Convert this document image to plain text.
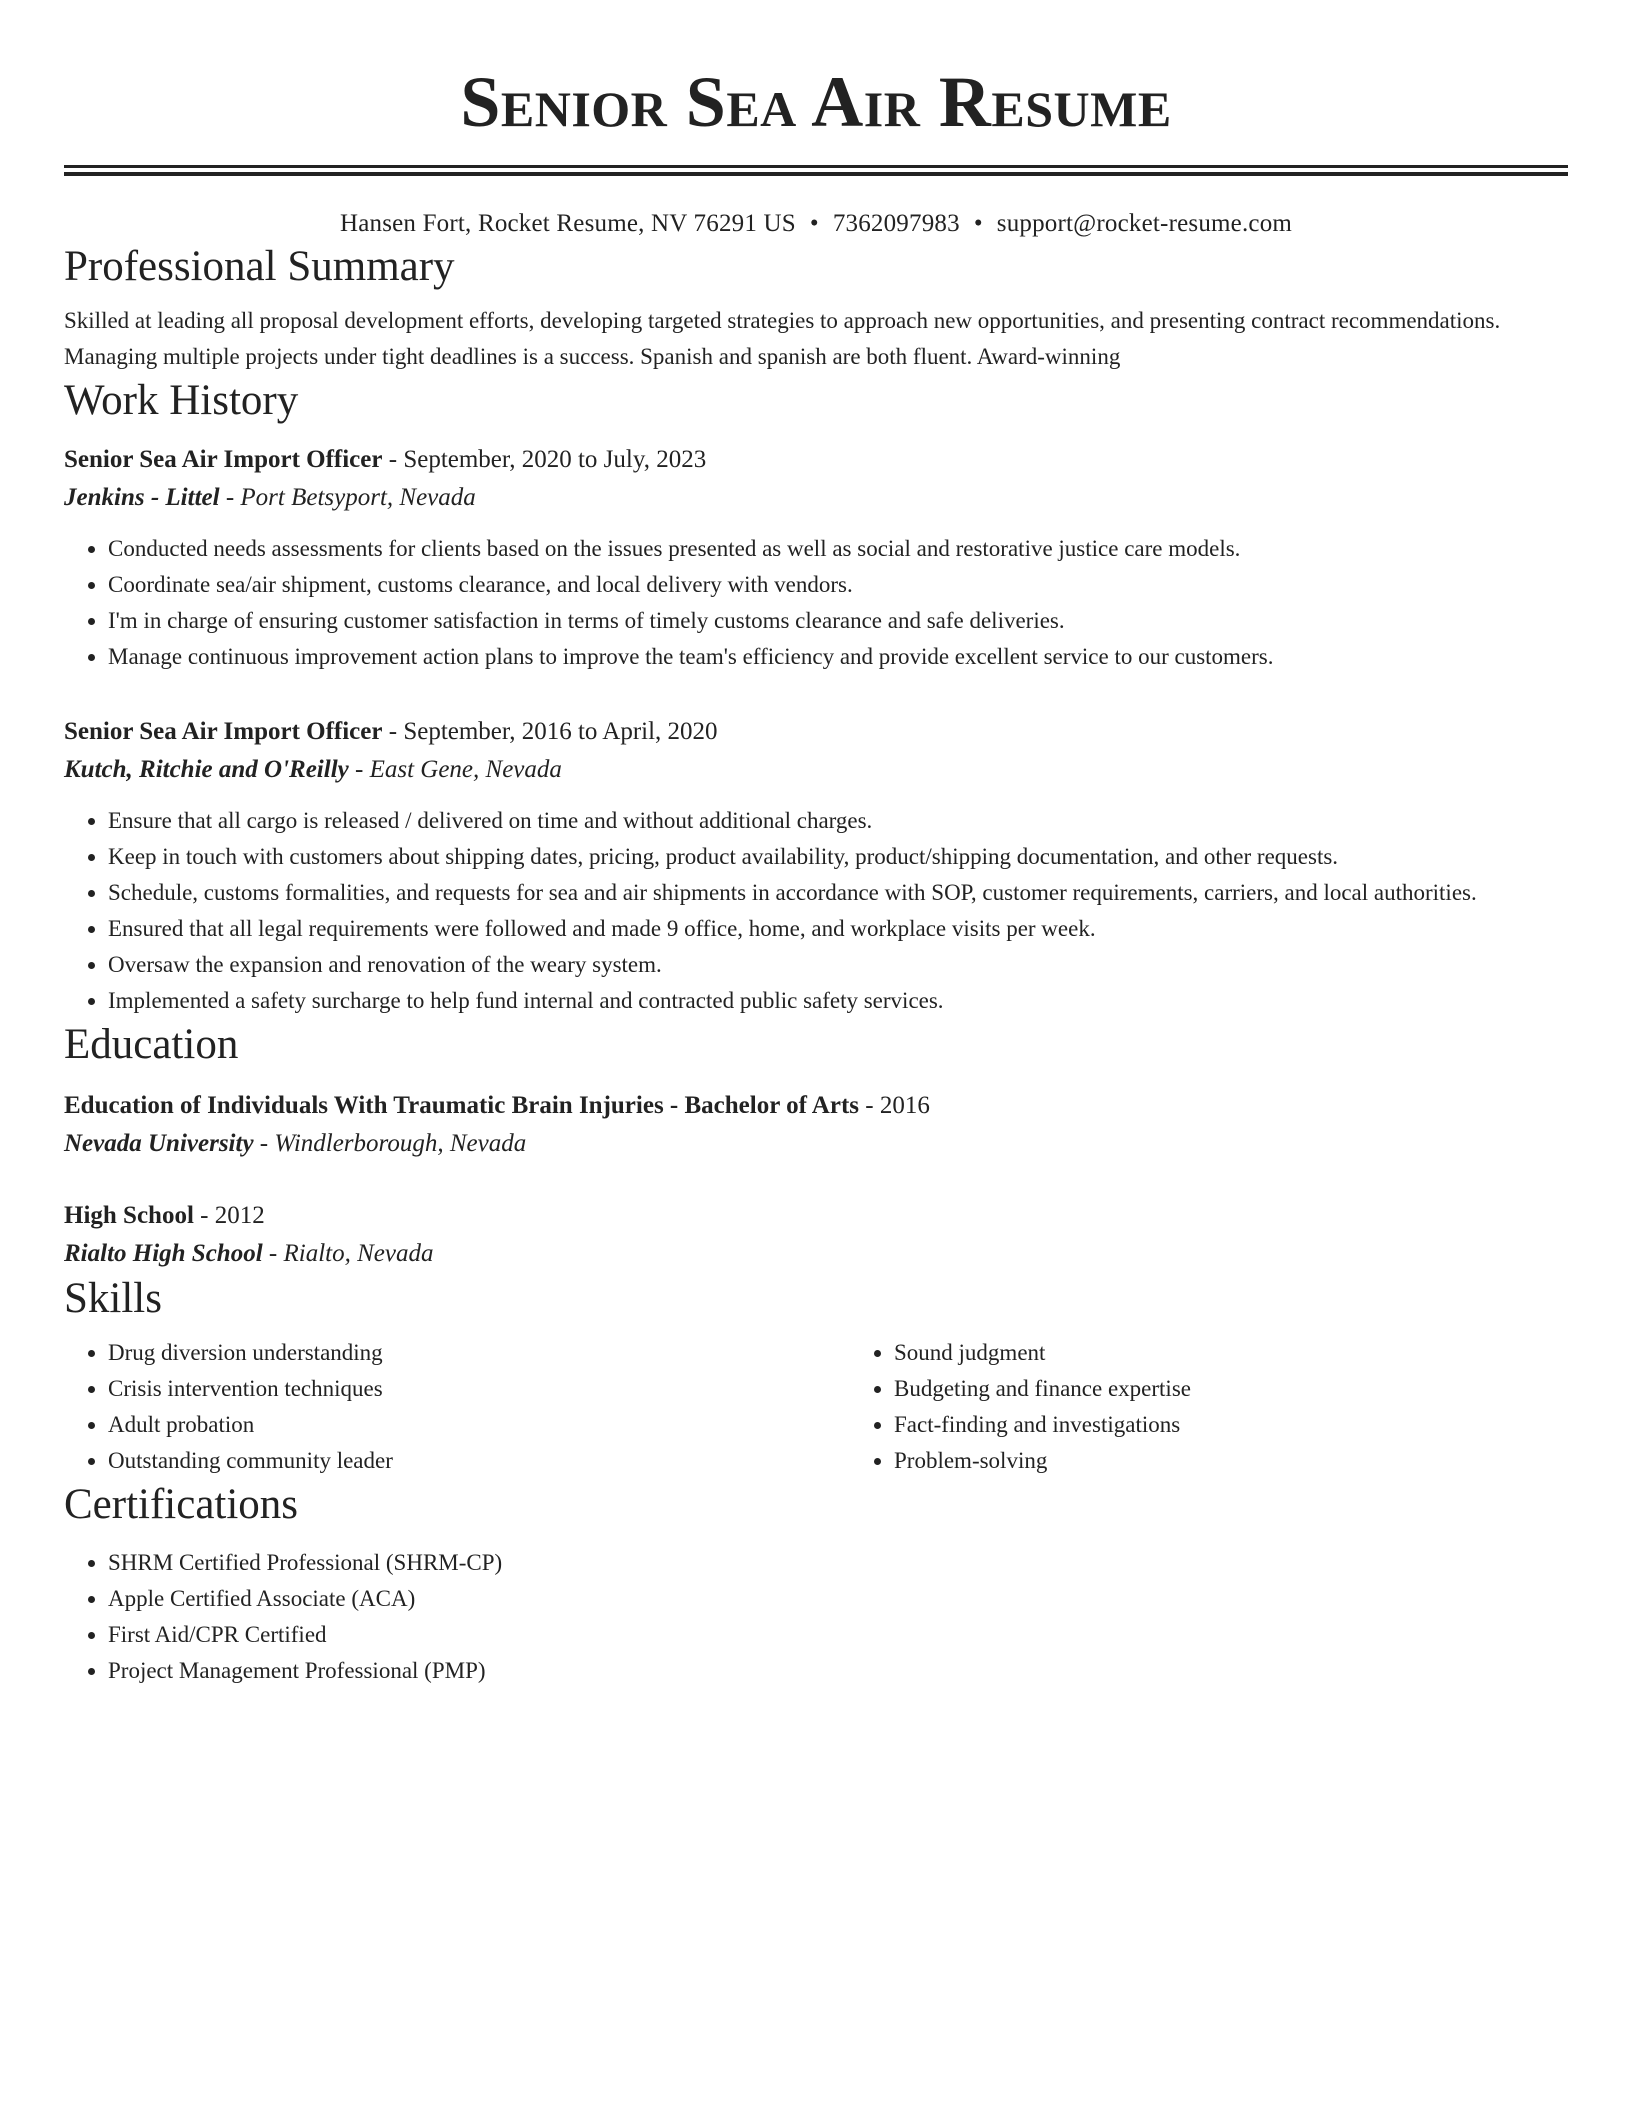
Senior Sea Air Resume
Hansen Fort, Rocket Resume, NV 76291 US • 7362097983 • support@rocket-resume.com
Professional Summary
Skilled at leading all proposal development efforts, developing targeted strategies to approach new opportunities, and presenting contract recommendations. Managing multiple projects under tight deadlines is a success. Spanish and spanish are both fluent. Award-winning
Work History
Senior Sea Air Import Officer - September, 2020 to July, 2023
Jenkins - Littel - Port Betsyport, Nevada
• Conducted needs assessments for clients based on the issues presented as well as social and restorative justice care models.
• Coordinate sea/air shipment, customs clearance, and local delivery with vendors.
• I'm in charge of ensuring customer satisfaction in terms of timely customs clearance and safe deliveries.
• Manage continuous improvement action plans to improve the team's efficiency and provide excellent service to our customers.
Senior Sea Air Import Officer - September, 2016 to April, 2020
Kutch, Ritchie and O'Reilly - East Gene, Nevada
• Ensure that all cargo is released / delivered on time and without additional charges.
• Keep in touch with customers about shipping dates, pricing, product availability, product/shipping documentation, and other requests.
• Schedule, customs formalities, and requests for sea and air shipments in accordance with SOP, customer requirements, carriers, and local authorities.
• Ensured that all legal requirements were followed and made 9 office, home, and workplace visits per week.
• Oversaw the expansion and renovation of the weary system.
• Implemented a safety surcharge to help fund internal and contracted public safety services.
Education
Education of Individuals With Traumatic Brain Injuries - Bachelor of Arts - 2016
Nevada University - Windlerborough, Nevada
High School - 2012
Rialto High School - Rialto, Nevada
Skills
• Drug diversion understanding
• Crisis intervention techniques
• Adult probation
• Outstanding community leader
• Sound judgment
• Budgeting and finance expertise
• Fact-finding and investigations
• Problem-solving
Certifications
• SHRM Certified Professional (SHRM-CP)
• Apple Certified Associate (ACA)
• First Aid/CPR Certified
• Project Management Professional (PMP)
